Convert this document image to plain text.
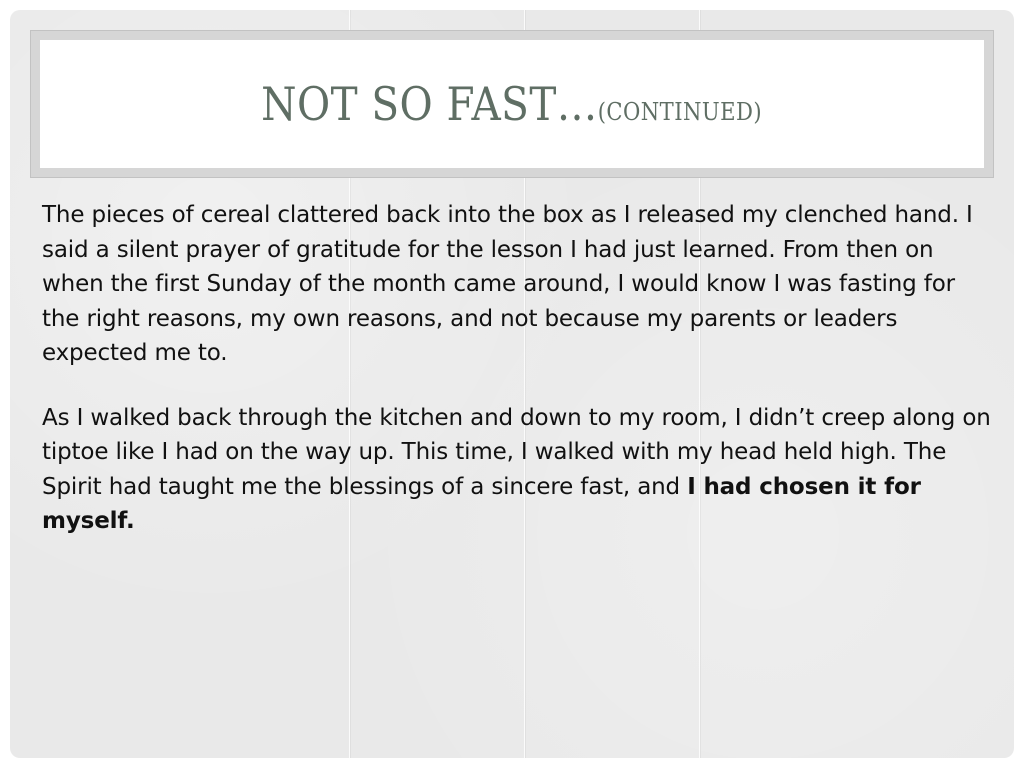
NOT SO FAST…(CONTINUED)

The pieces of cereal clattered back into the box as I released my clenched hand. I said a silent prayer of gratitude for the lesson I had just learned. From then on when the first Sunday of the month came around, I would know I was fasting for the right reasons, my own reasons, and not because my parents or leaders expected me to.

As I walked back through the kitchen and down to my room, I didn’t creep along on tiptoe like I had on the way up. This time, I walked with my head held high. The Spirit had taught me the blessings of a sincere fast, and I had chosen it for myself.
